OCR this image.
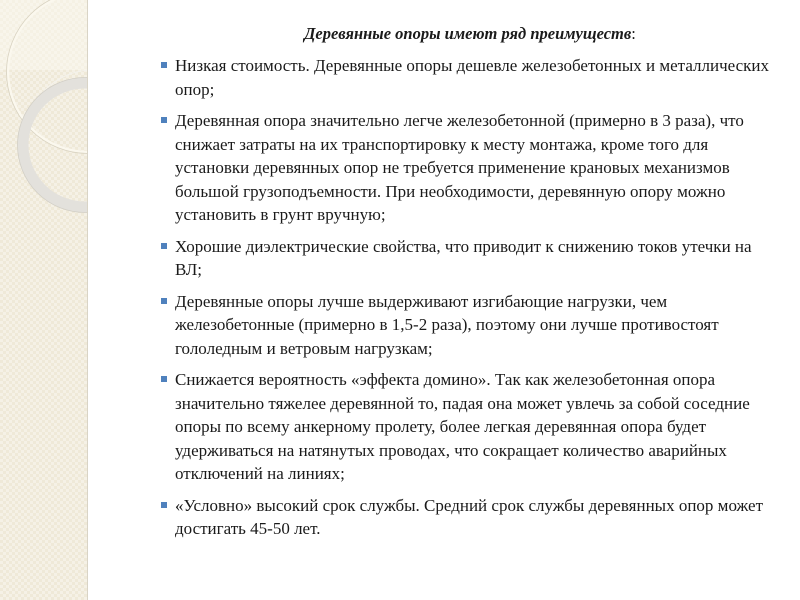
Деревянные опоры имеют ряд преимуществ:
Низкая стоимость. Деревянные опоры дешевле железобетонных и металлических опор;
Деревянная опора значительно легче железобетонной (примерно в 3 раза), что снижает затраты на их транспортировку к месту монтажа, кроме того для установки деревянных опор не требуется применение крановых механизмов большой грузоподъемности. При необходимости, деревянную опору можно установить в грунт вручную;
Хорошие диэлектрические свойства, что приводит к снижению токов утечки на ВЛ;
Деревянные опоры лучше выдерживают изгибающие нагрузки, чем железобетонные (примерно в 1,5-2 раза), поэтому они лучше противостоят гололедным и ветровым нагрузкам;
Снижается вероятность «эффекта домино». Так как железобетонная опора значительно тяжелее деревянной то, падая она может увлечь за собой соседние опоры по всему анкерному пролету, более легкая деревянная опора будет удерживаться на натянутых проводах, что сокращает количество аварийных отключений на линиях;
«Условно» высокий срок службы. Средний срок службы деревянных опор может достигать 45-50 лет.
